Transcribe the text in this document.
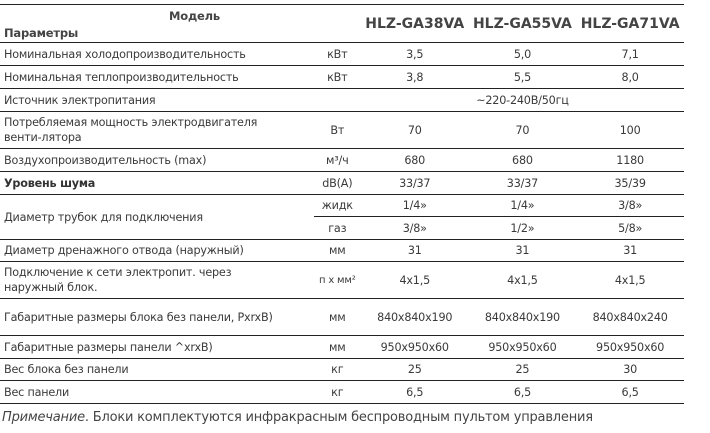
Модель
Параметры		HLZ-GA38VA	HLZ-GA55VA	HLZ-GA71VA
Номинальная холодопроизводительность	кВт	3,5	5,0	7,1
Номинальная теплопроизводительность	кВт	3,8	5,5	8,0
Источник электропитания		~220-240В/50гц		
Потребляемая мощность электродвигателя венти-лятора	Вт	70	70	100
Воздухопроизводительность (max)	м³/ч	680	680	1180
Уровень шума	dB(A)	33/37	33/37	35/39
Диаметр трубок для подключения	жидк	1/4»	1/4»	3/8»
	газ	3/8»	1/2»	5/8»
Диаметр дренажного отвода (наружный)	мм	31	31	31
Подключение к сети электропит. через наружный блок.	п х мм²	4x1,5	4x1,5	4x1,5
Габаритные размеры блока без панели, PxrxB)	мм	840x840x190	840x840x190	840x840x240
Габаритные размеры панели ^xrxB)	мм	950x950x60	950x950x60	950x950x60
Вес блока без панели	кг	25	25	30
Вес панели	кг	6,5	6,5	6,5
Примечание. Блоки комплектуются инфракрасным беспроводным пультом управления
